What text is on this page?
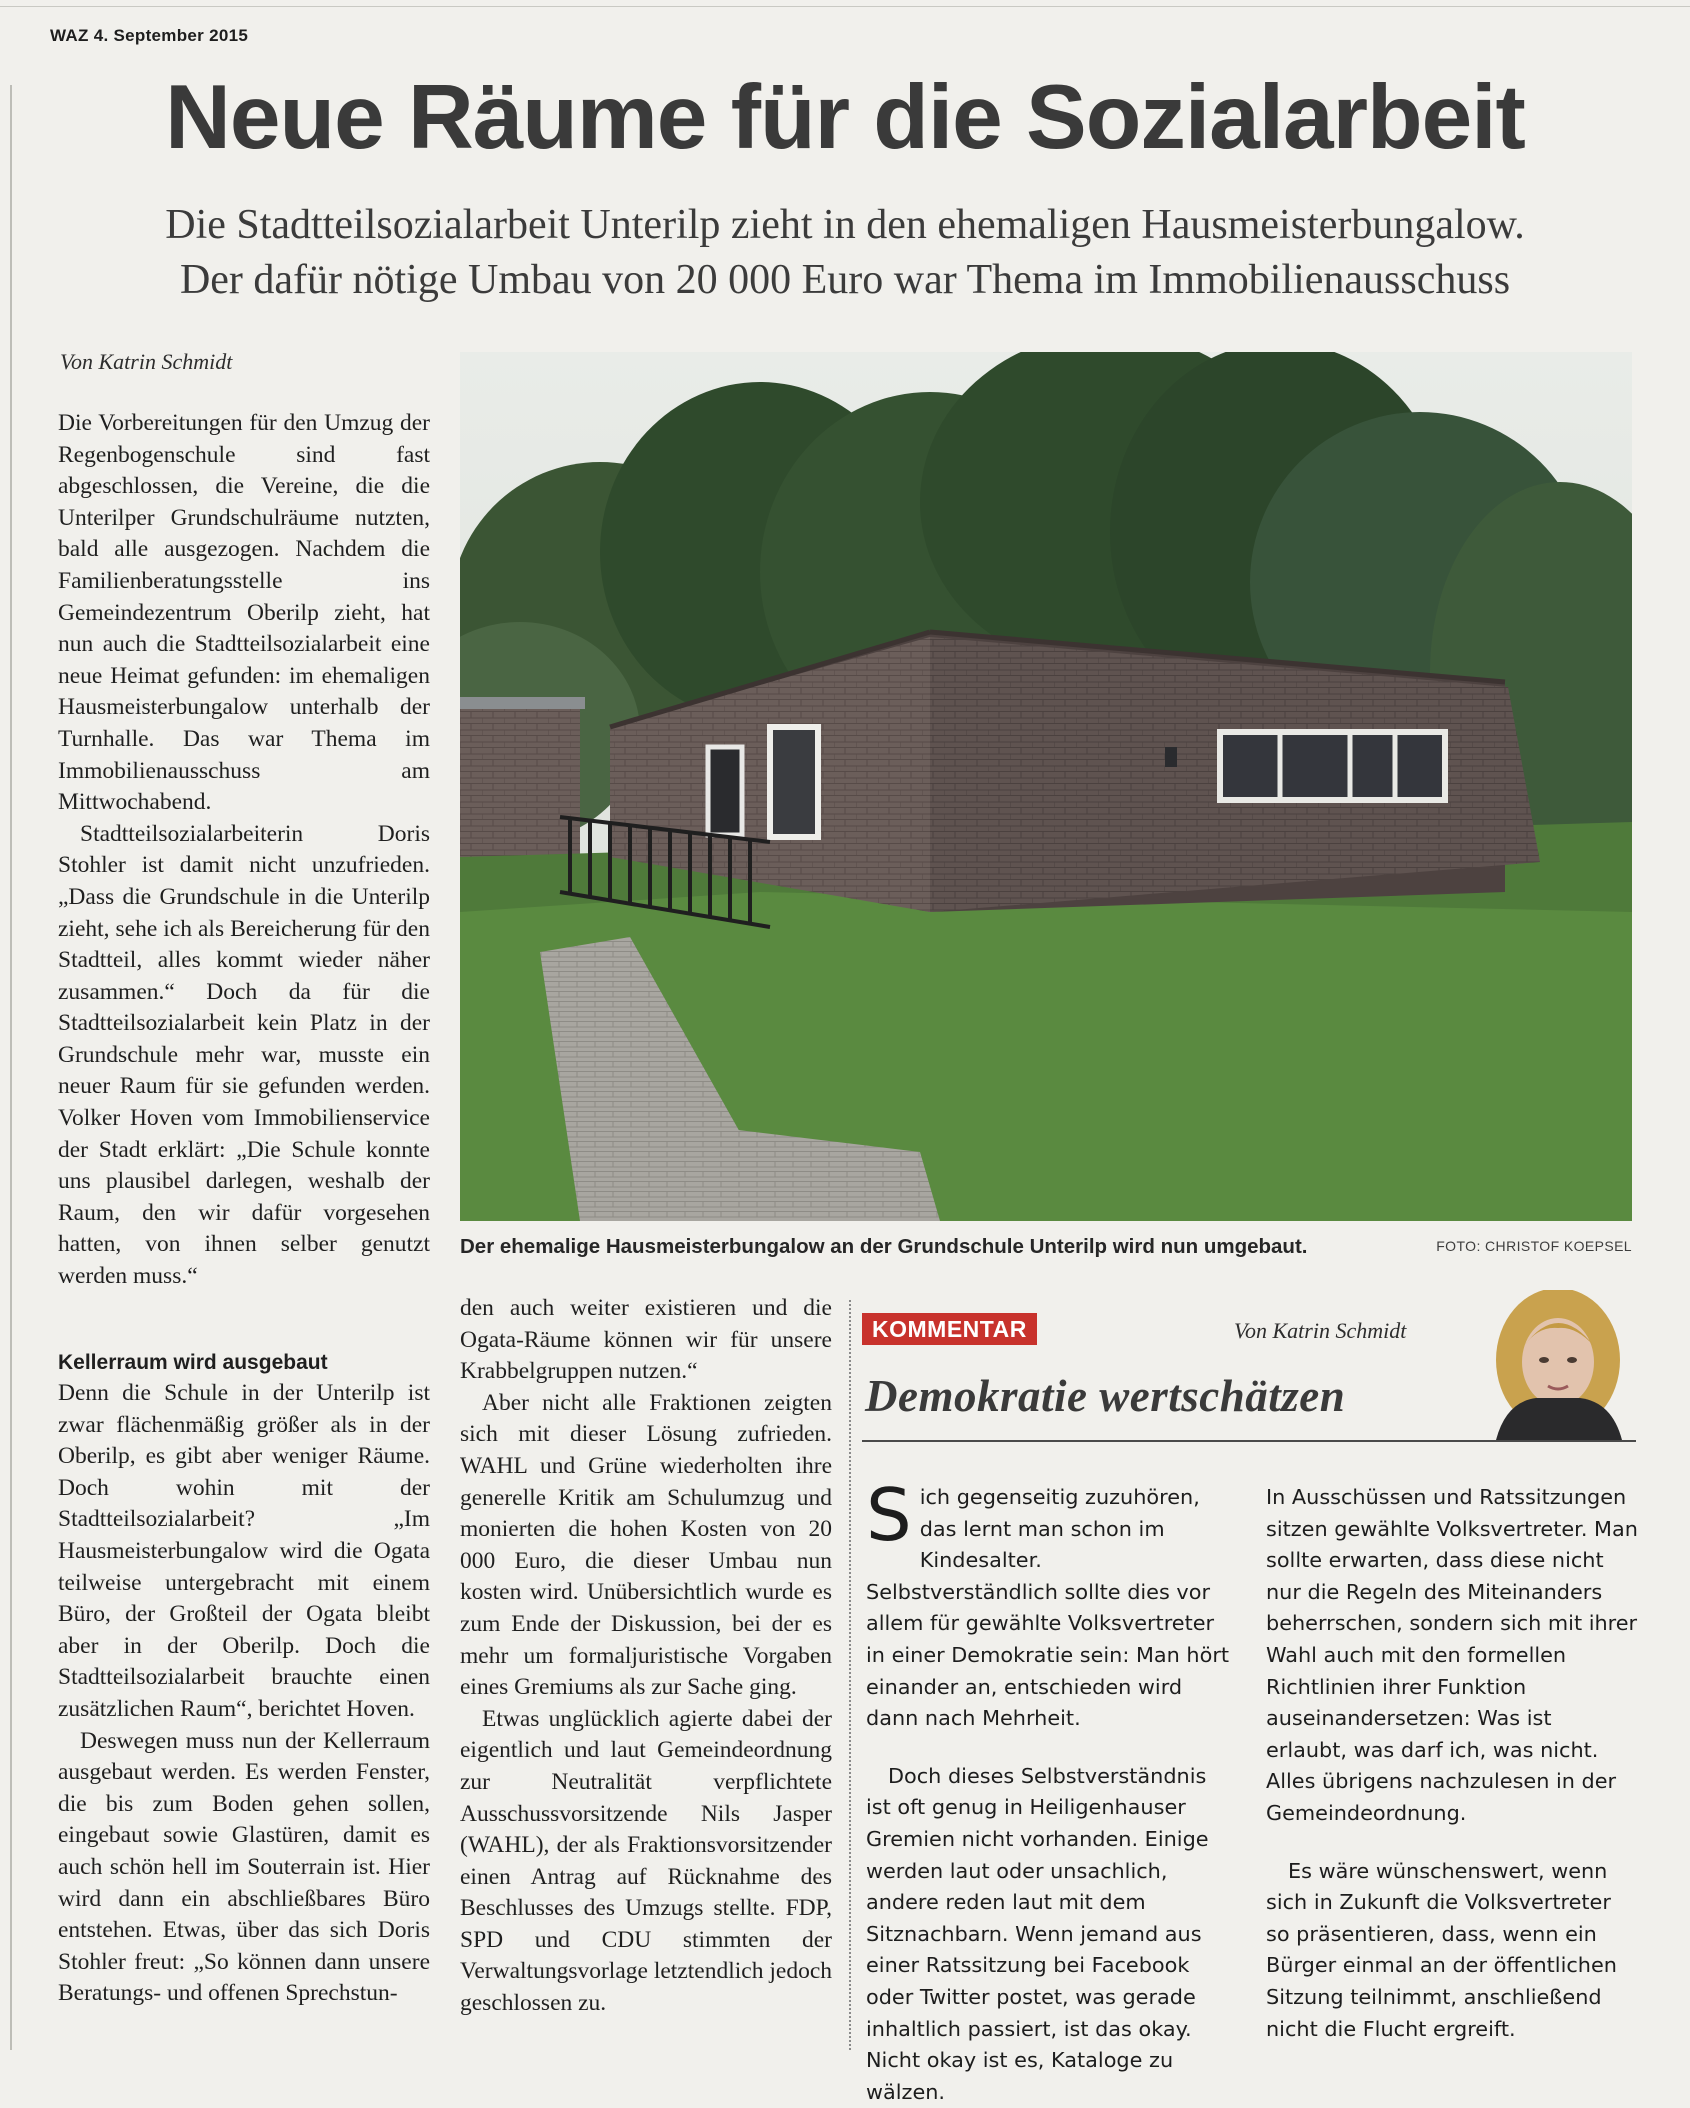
WAZ 4. September 2015
Neue Räume für die Sozialarbeit
Die Stadtteilsozialarbeit Unterilp zieht in den ehemaligen Hausmeisterbungalow.
Der dafür nötige Umbau von 20 000 Euro war Thema im Immobilienausschuss
Von Katrin Schmidt

Die Vorbereitungen für den Umzug der Regenbogenschule sind fast abgeschlossen, die Vereine, die die Unterilper Grundschulräume nutzten, bald alle ausgezogen. Nachdem die Familienberatungsstelle ins Gemeindezentrum Oberilp zieht, hat nun auch die Stadtteilsozialarbeit eine neue Heimat gefunden: im ehemaligen Hausmeisterbungalow unterhalb der Turnhalle. Das war Thema im Immobilienausschuss am Mittwochabend.

Stadtteilsozialarbeiterin Doris Stohler ist damit nicht unzufrieden. „Dass die Grundschule in die Unterilp zieht, sehe ich als Bereicherung für den Stadtteil, alles kommt wieder näher zusammen.“ Doch da für die Stadtteilsozialarbeit kein Platz in der Grundschule mehr war, musste ein neuer Raum für sie gefunden werden. Volker Hoven vom Immobilienservice der Stadt erklärt: „Die Schule konnte uns plausibel darlegen, weshalb der Raum, den wir dafür vorgesehen hatten, von ihnen selber genutzt werden muss.“

Kellerraum wird ausgebaut

Denn die Schule in der Unterilp ist zwar flächenmäßig größer als in der Oberilp, es gibt aber weniger Räume. Doch wohin mit der Stadtteilsozialarbeit? „Im Hausmeisterbungalow wird die Ogata teilweise untergebracht mit einem Büro, der Großteil der Ogata bleibt aber in der Oberilp. Doch die Stadtteilsozialarbeit brauchte einen zusätzlichen Raum“, berichtet Hoven.

Deswegen muss nun der Kellerraum ausgebaut werden. Es werden Fenster, die bis zum Boden gehen sollen, eingebaut sowie Glastüren, damit es auch schön hell im Souterrain ist. Hier wird dann ein abschließbares Büro entstehen. Etwas, über das sich Doris Stohler freut: „So können dann unsere Beratungs- und offenen Sprechstun-

Der ehemalige Hausmeisterbungalow an der Grundschule Unterilp wird nun umgebaut.	FOTO: CHRISTOF KOEPSEL

den auch weiter existieren und die Ogata-Räume können wir für unsere Krabbelgruppen nutzen.“

Aber nicht alle Fraktionen zeigten sich mit dieser Lösung zufrieden. WAHL und Grüne wiederholten ihre generelle Kritik am Schulumzug und monierten die hohen Kosten von 20 000 Euro, die dieser Umbau nun kosten wird. Unübersichtlich wurde es zum Ende der Diskussion, bei der es mehr um formaljuristische Vorgaben eines Gremiums als zur Sache ging.

Etwas unglücklich agierte dabei der eigentlich und laut Gemeindeordnung zur Neutralität verpflichtete Ausschussvorsitzende Nils Jasper (WAHL), der als Fraktionsvorsitzender einen Antrag auf Rücknahme des Beschlusses des Umzugs stellte. FDP, SPD und CDU stimmten der Verwaltungsvorlage letztendlich jedoch geschlossen zu.

KOMMENTAR	Von Katrin Schmidt
Demokratie wertschätzen

Sich gegenseitig zuzuhören, das lernt man schon im Kindesalter. Selbstverständlich sollte dies vor allem für gewählte Volksvertreter in einer Demokratie sein: Man hört einander an, entschieden wird dann nach Mehrheit.

Doch dieses Selbstverständnis ist oft genug in Heiligenhauser Gremien nicht vorhanden. Einige werden laut oder unsachlich, andere reden laut mit dem Sitznachbarn. Wenn jemand aus einer Ratssitzung bei Facebook oder Twitter postet, was gerade inhaltlich passiert, ist das okay. Nicht okay ist es, Kataloge zu wälzen.

In Ausschüssen und Ratssitzungen sitzen gewählte Volksvertreter. Man sollte erwarten, dass diese nicht nur die Regeln des Miteinanders beherrschen, sondern sich mit ihrer Wahl auch mit den formellen Richtlinien ihrer Funktion auseinandersetzen: Was ist erlaubt, was darf ich, was nicht. Alles übrigens nachzulesen in der Gemeindeordnung.

Es wäre wünschenswert, wenn sich in Zukunft die Volksvertreter so präsentieren, dass, wenn ein Bürger einmal an der öffentlichen Sitzung teilnimmt, anschließend nicht die Flucht ergreift.
